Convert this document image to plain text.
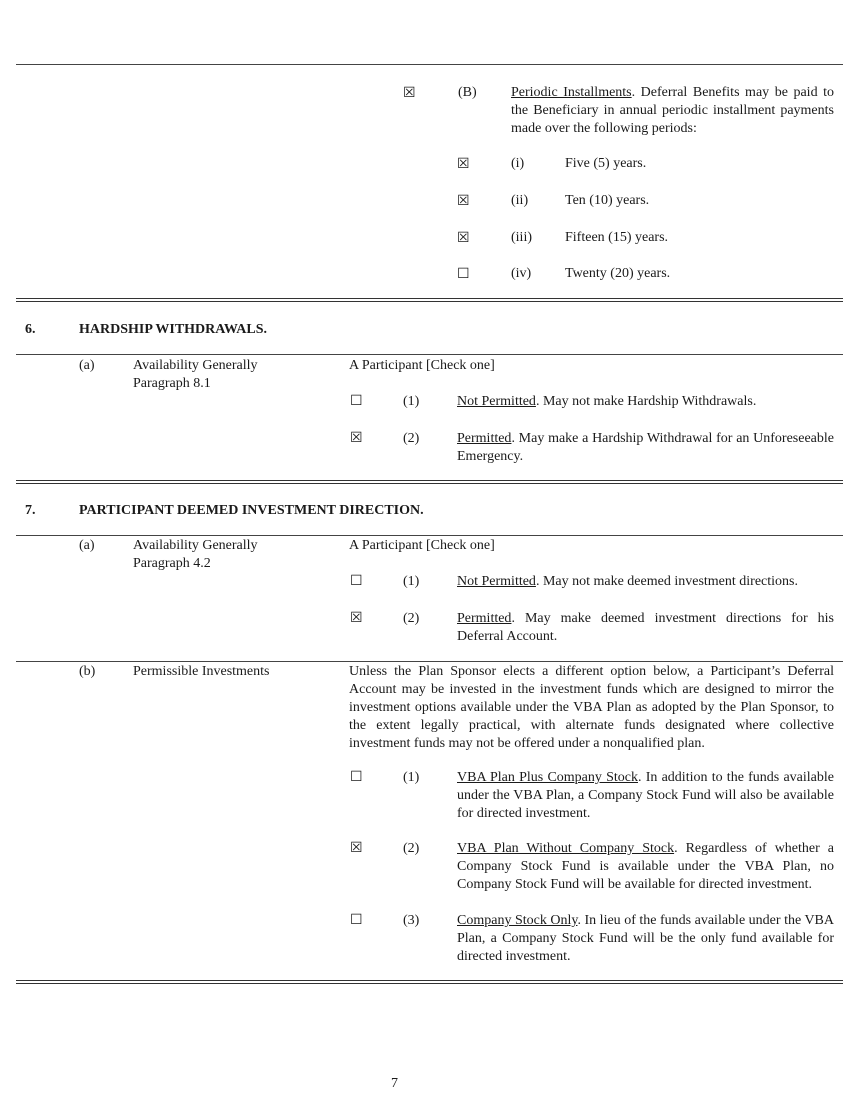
☒	(B) Periodic Installments. Deferral Benefits may be paid to the Beneficiary in annual periodic installment payments made over the following periods:
☒	(i)	Five (5) years.
☒	(ii)	Ten (10) years.
☒	(iii) Fifteen (15) years.
☐	(iv) Twenty (20) years.
6.	HARDSHIP WITHDRAWALS.
(a)	Availability Generally
Paragraph 8.1
A Participant [Check one]
☐	(1)	Not Permitted. May not make Hardship Withdrawals.
☒	(2)	Permitted. May make a Hardship Withdrawal for an Unforeseeable Emergency.
7.	PARTICIPANT DEEMED INVESTMENT DIRECTION.
(a)	Availability Generally
Paragraph 4.2
A Participant [Check one]
☐	(1)	Not Permitted. May not make deemed investment directions.
☒	(2)	Permitted. May make deemed investment directions for his Deferral Account.
(b)	Permissible Investments	Unless the Plan Sponsor elects a different option below, a Participant’s Deferral Account may be invested in the investment funds which are designed to mirror the investment options available under the VBA Plan as adopted by the Plan Sponsor, to the extent legally practical, with alternate funds designated where collective investment funds may not be offered under a nonqualified plan.
☐	(1)	VBA Plan Plus Company Stock. In addition to the funds available under the VBA Plan, a Company Stock Fund will also be available for directed investment.
☒	(2)	VBA Plan Without Company Stock. Regardless of whether a Company Stock Fund is available under the VBA Plan, no Company Stock Fund will be available for directed investment.
☐	(3)	Company Stock Only. In lieu of the funds available under the VBA Plan, a Company Stock Fund will be the only fund available for directed investment.
7
